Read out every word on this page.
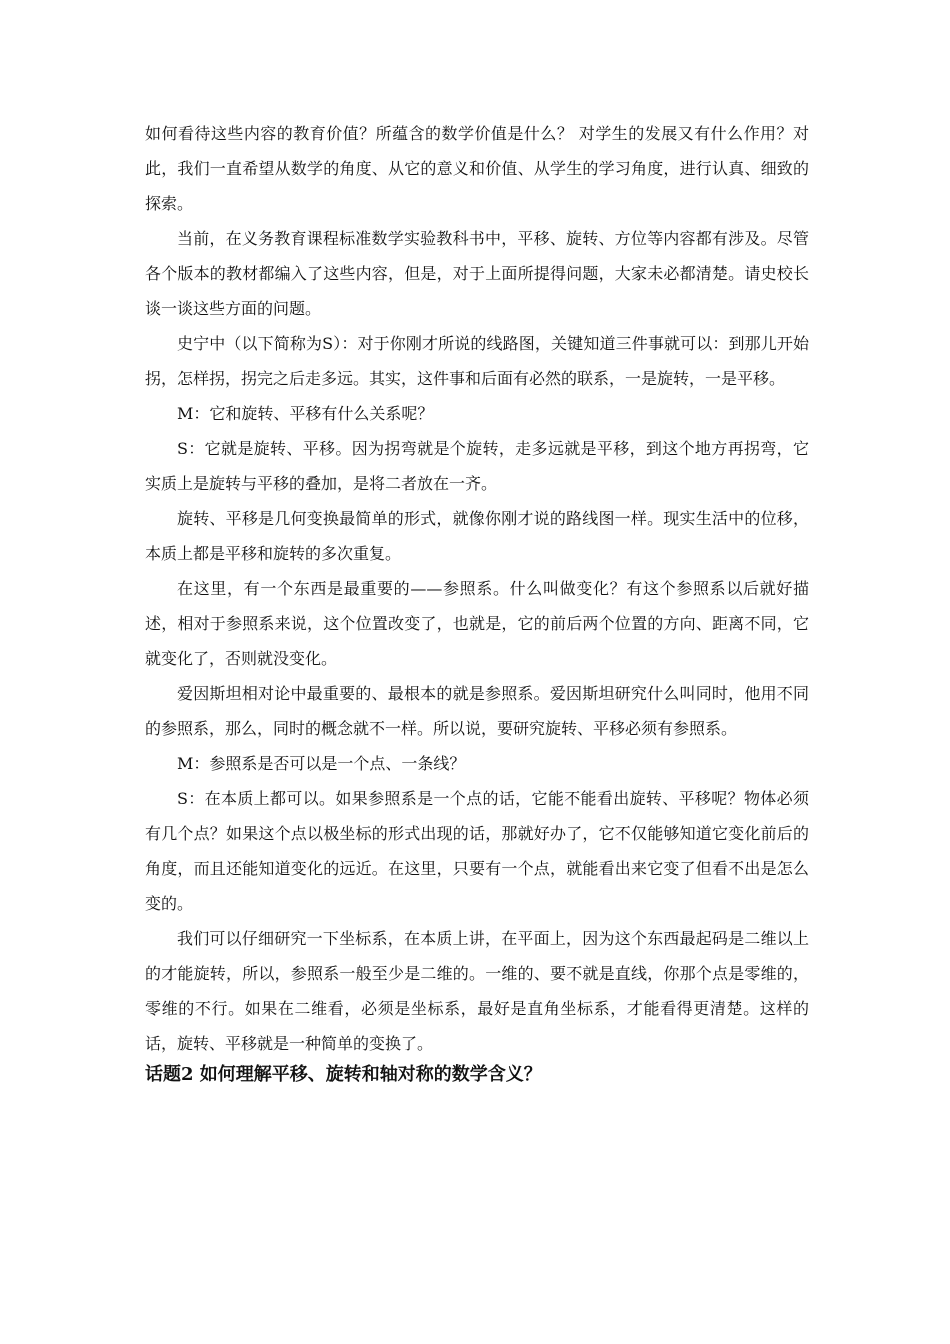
如何看待这些内容的教育价值？所蕴含的数学价值是什么？ 对学生的发展又有什么作用？对此，我们一直希望从数学的角度、从它的意义和价值、从学生的学习角度，进行认真、细致的探索。

当前，在义务教育课程标准数学实验教科书中，平移、旋转、方位等内容都有涉及。尽管各个版本的教材都编入了这些内容，但是，对于上面所提得问题，大家未必都清楚。请史校长谈一谈这些方面的问题。

史宁中（以下简称为S）：对于你刚才所说的线路图，关键知道三件事就可以：到那儿开始拐，怎样拐，拐完之后走多远。其实，这件事和后面有必然的联系，一是旋转，一是平移。

M：它和旋转、平移有什么关系呢？

S：它就是旋转、平移。因为拐弯就是个旋转，走多远就是平移，到这个地方再拐弯，它实质上是旋转与平移的叠加，是将二者放在一齐。

旋转、平移是几何变换最简单的形式，就像你刚才说的路线图一样。现实生活中的位移，本质上都是平移和旋转的多次重复。

在这里，有一个东西是最重要的——参照系。什么叫做变化？有这个参照系以后就好描述，相对于参照系来说，这个位置改变了，也就是，它的前后两个位置的方向、距离不同，它就变化了，否则就没变化。

爱因斯坦相对论中最重要的、最根本的就是参照系。爱因斯坦研究什么叫同时，他用不同的参照系，那么，同时的概念就不一样。所以说，要研究旋转、平移必须有参照系。

M：参照系是否可以是一个点、一条线？

S：在本质上都可以。如果参照系是一个点的话，它能不能看出旋转、平移呢？物体必须有几个点？如果这个点以极坐标的形式出现的话，那就好办了，它不仅能够知道它变化前后的角度，而且还能知道变化的远近。在这里，只要有一个点，就能看出来它变了但看不出是怎么变的。

我们可以仔细研究一下坐标系，在本质上讲，在平面上，因为这个东西最起码是二维以上的才能旋转，所以，参照系一般至少是二维的。一维的、要不就是直线，你那个点是零维的，零维的不行。如果在二维看，必须是坐标系，最好是直角坐标系，才能看得更清楚。这样的话，旋转、平移就是一种简单的变换了。

话题2 如何理解平移、旋转和轴对称的数学含义？
